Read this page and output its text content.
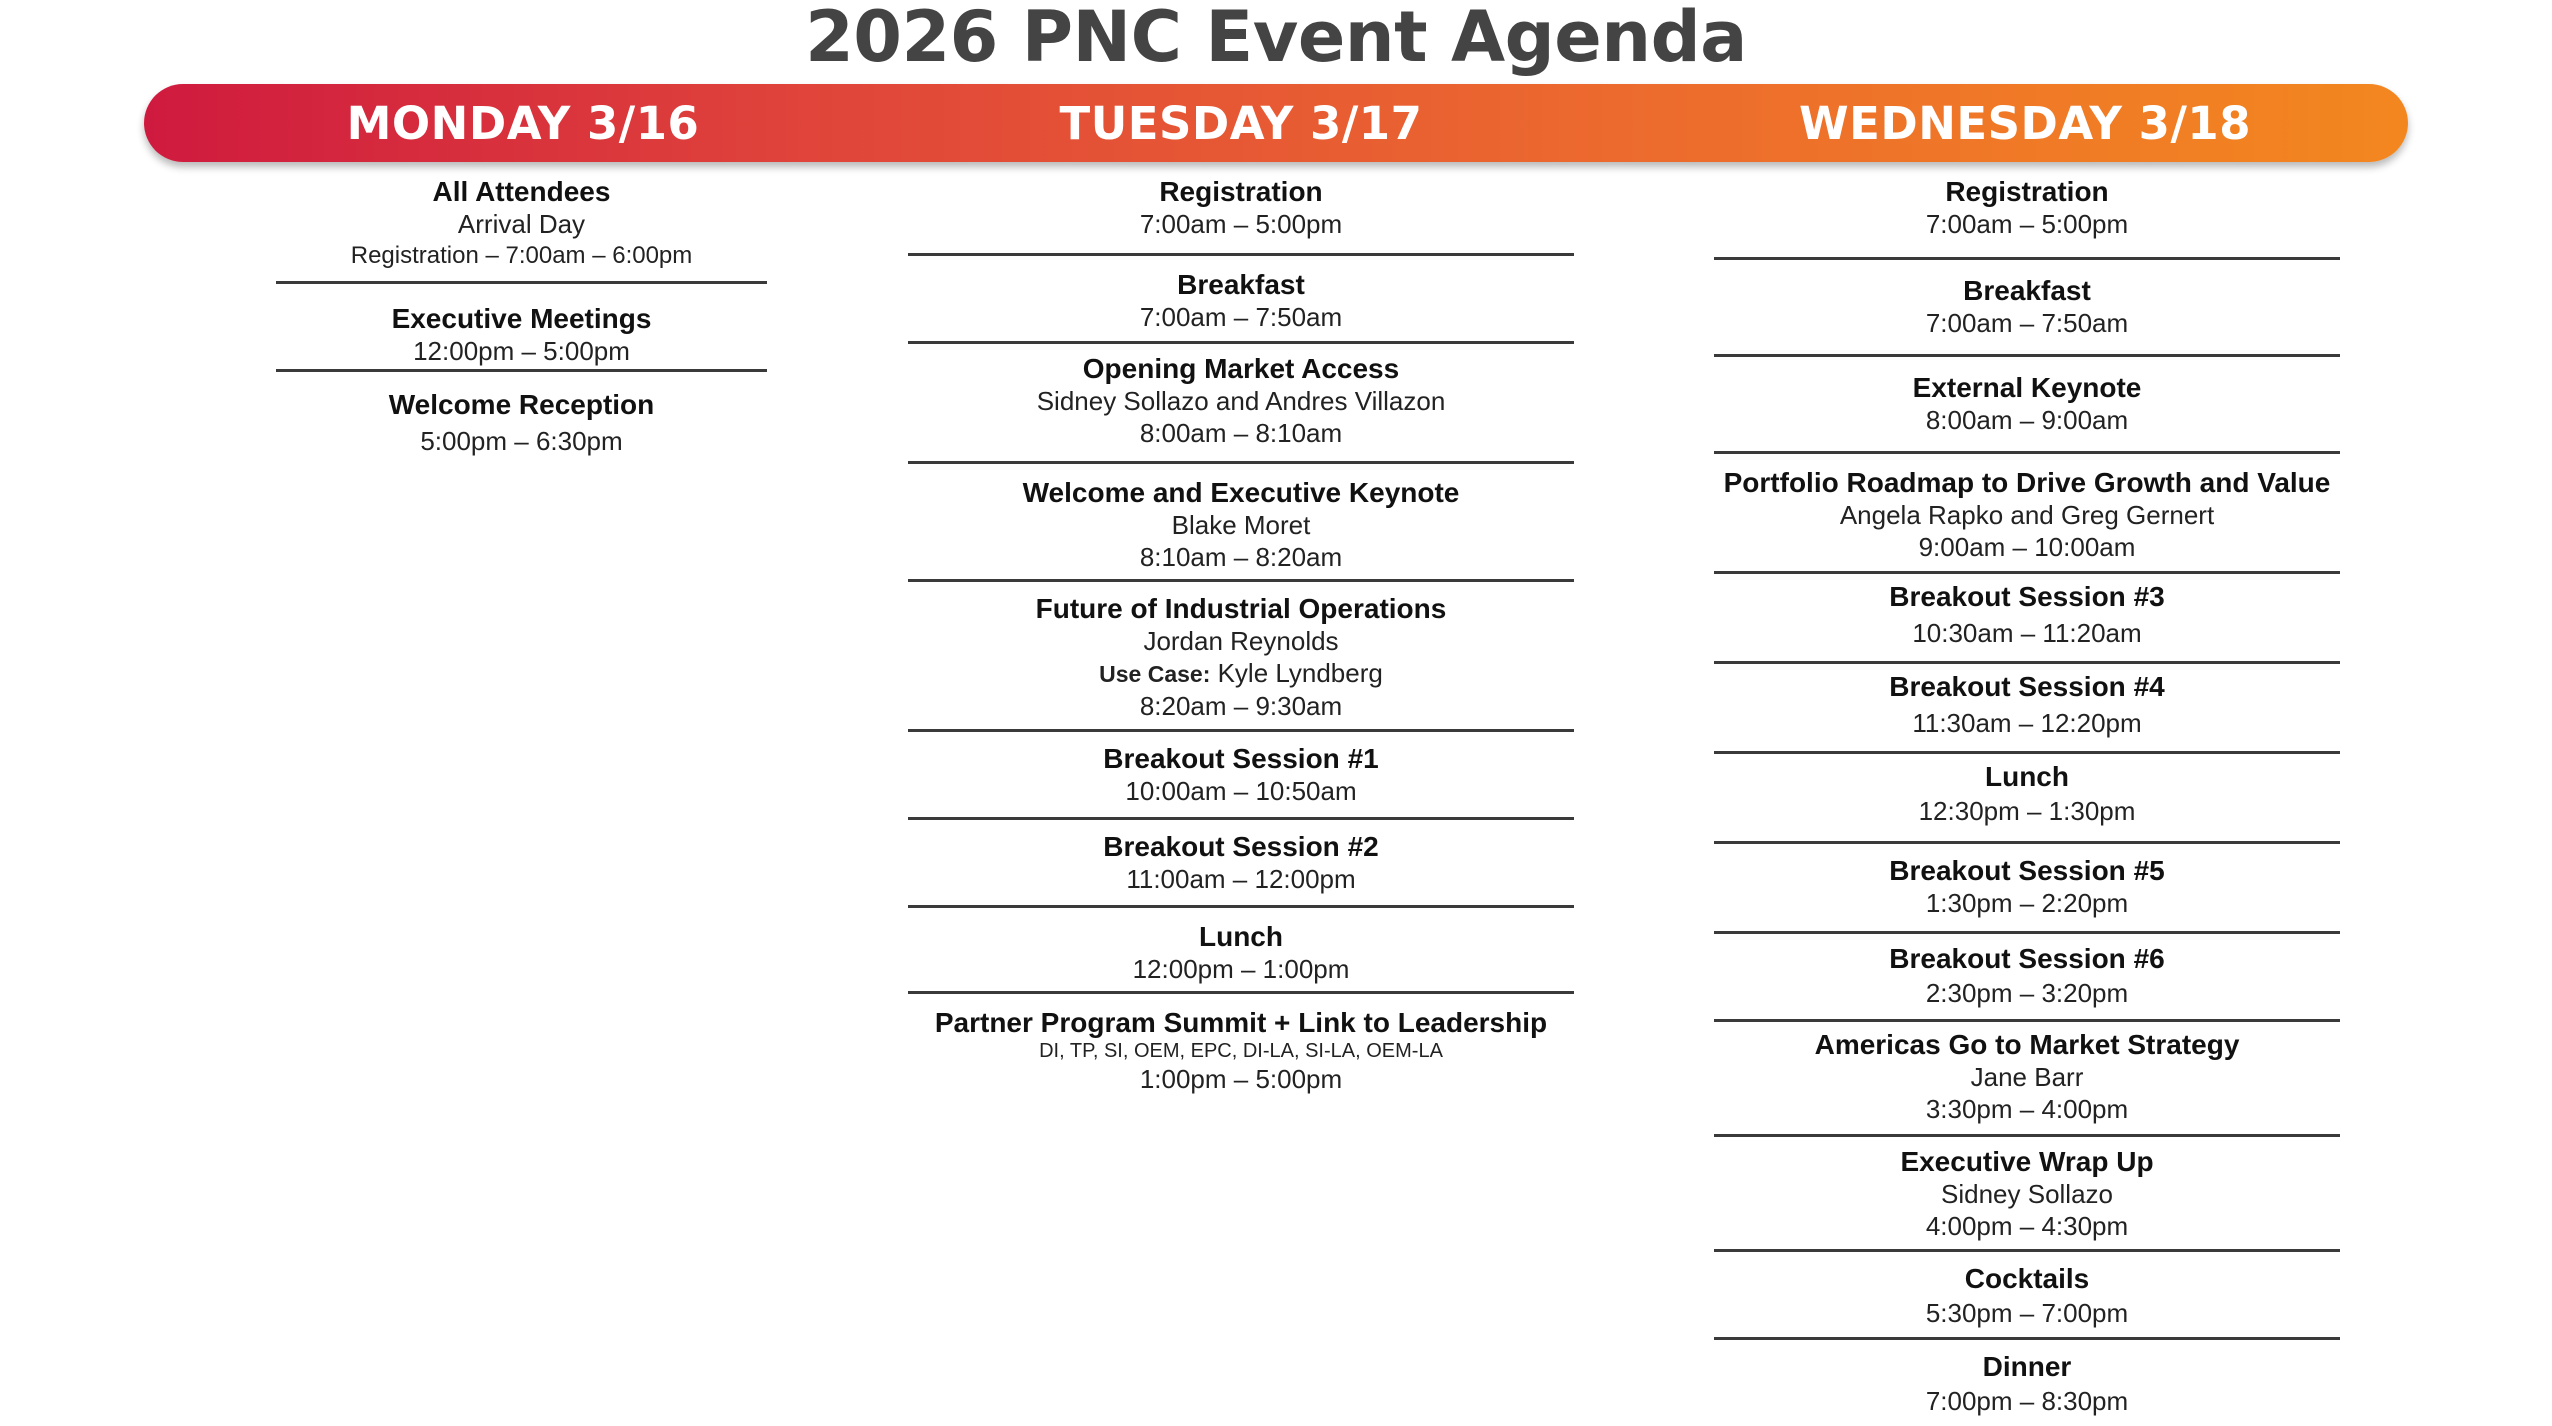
2026 PNC Event Agenda
MONDAY 3/16	TUESDAY 3/17	WEDNESDAY 3/18
All Attendees
Arrival Day
Registration – 7:00am – 6:00pm
Executive Meetings
12:00pm – 5:00pm
Welcome Reception
5:00pm – 6:30pm
Registration
7:00am – 5:00pm
Breakfast
7:00am – 7:50am
Opening Market Access
Sidney Sollazo and Andres Villazon
8:00am – 8:10am
Welcome and Executive Keynote
Blake Moret
8:10am – 8:20am
Future of Industrial Operations
Jordan Reynolds
Use Case: Kyle Lyndberg
8:20am – 9:30am
Breakout Session #1
10:00am – 10:50am
Breakout Session #2
11:00am – 12:00pm
Lunch
12:00pm – 1:00pm
Partner Program Summit + Link to Leadership
DI, TP, SI, OEM, EPC, DI-LA, SI-LA, OEM-LA
1:00pm – 5:00pm
Registration
7:00am – 5:00pm
Breakfast
7:00am – 7:50am
External Keynote
8:00am – 9:00am
Portfolio Roadmap to Drive Growth and Value
Angela Rapko and Greg Gernert
9:00am – 10:00am
Breakout Session #3
10:30am – 11:20am
Breakout Session #4
11:30am – 12:20pm
Lunch
12:30pm – 1:30pm
Breakout Session #5
1:30pm – 2:20pm
Breakout Session #6
2:30pm – 3:20pm
Americas Go to Market Strategy
Jane Barr
3:30pm – 4:00pm
Executive Wrap Up
Sidney Sollazo
4:00pm – 4:30pm
Cocktails
5:30pm – 7:00pm
Dinner
7:00pm – 8:30pm
